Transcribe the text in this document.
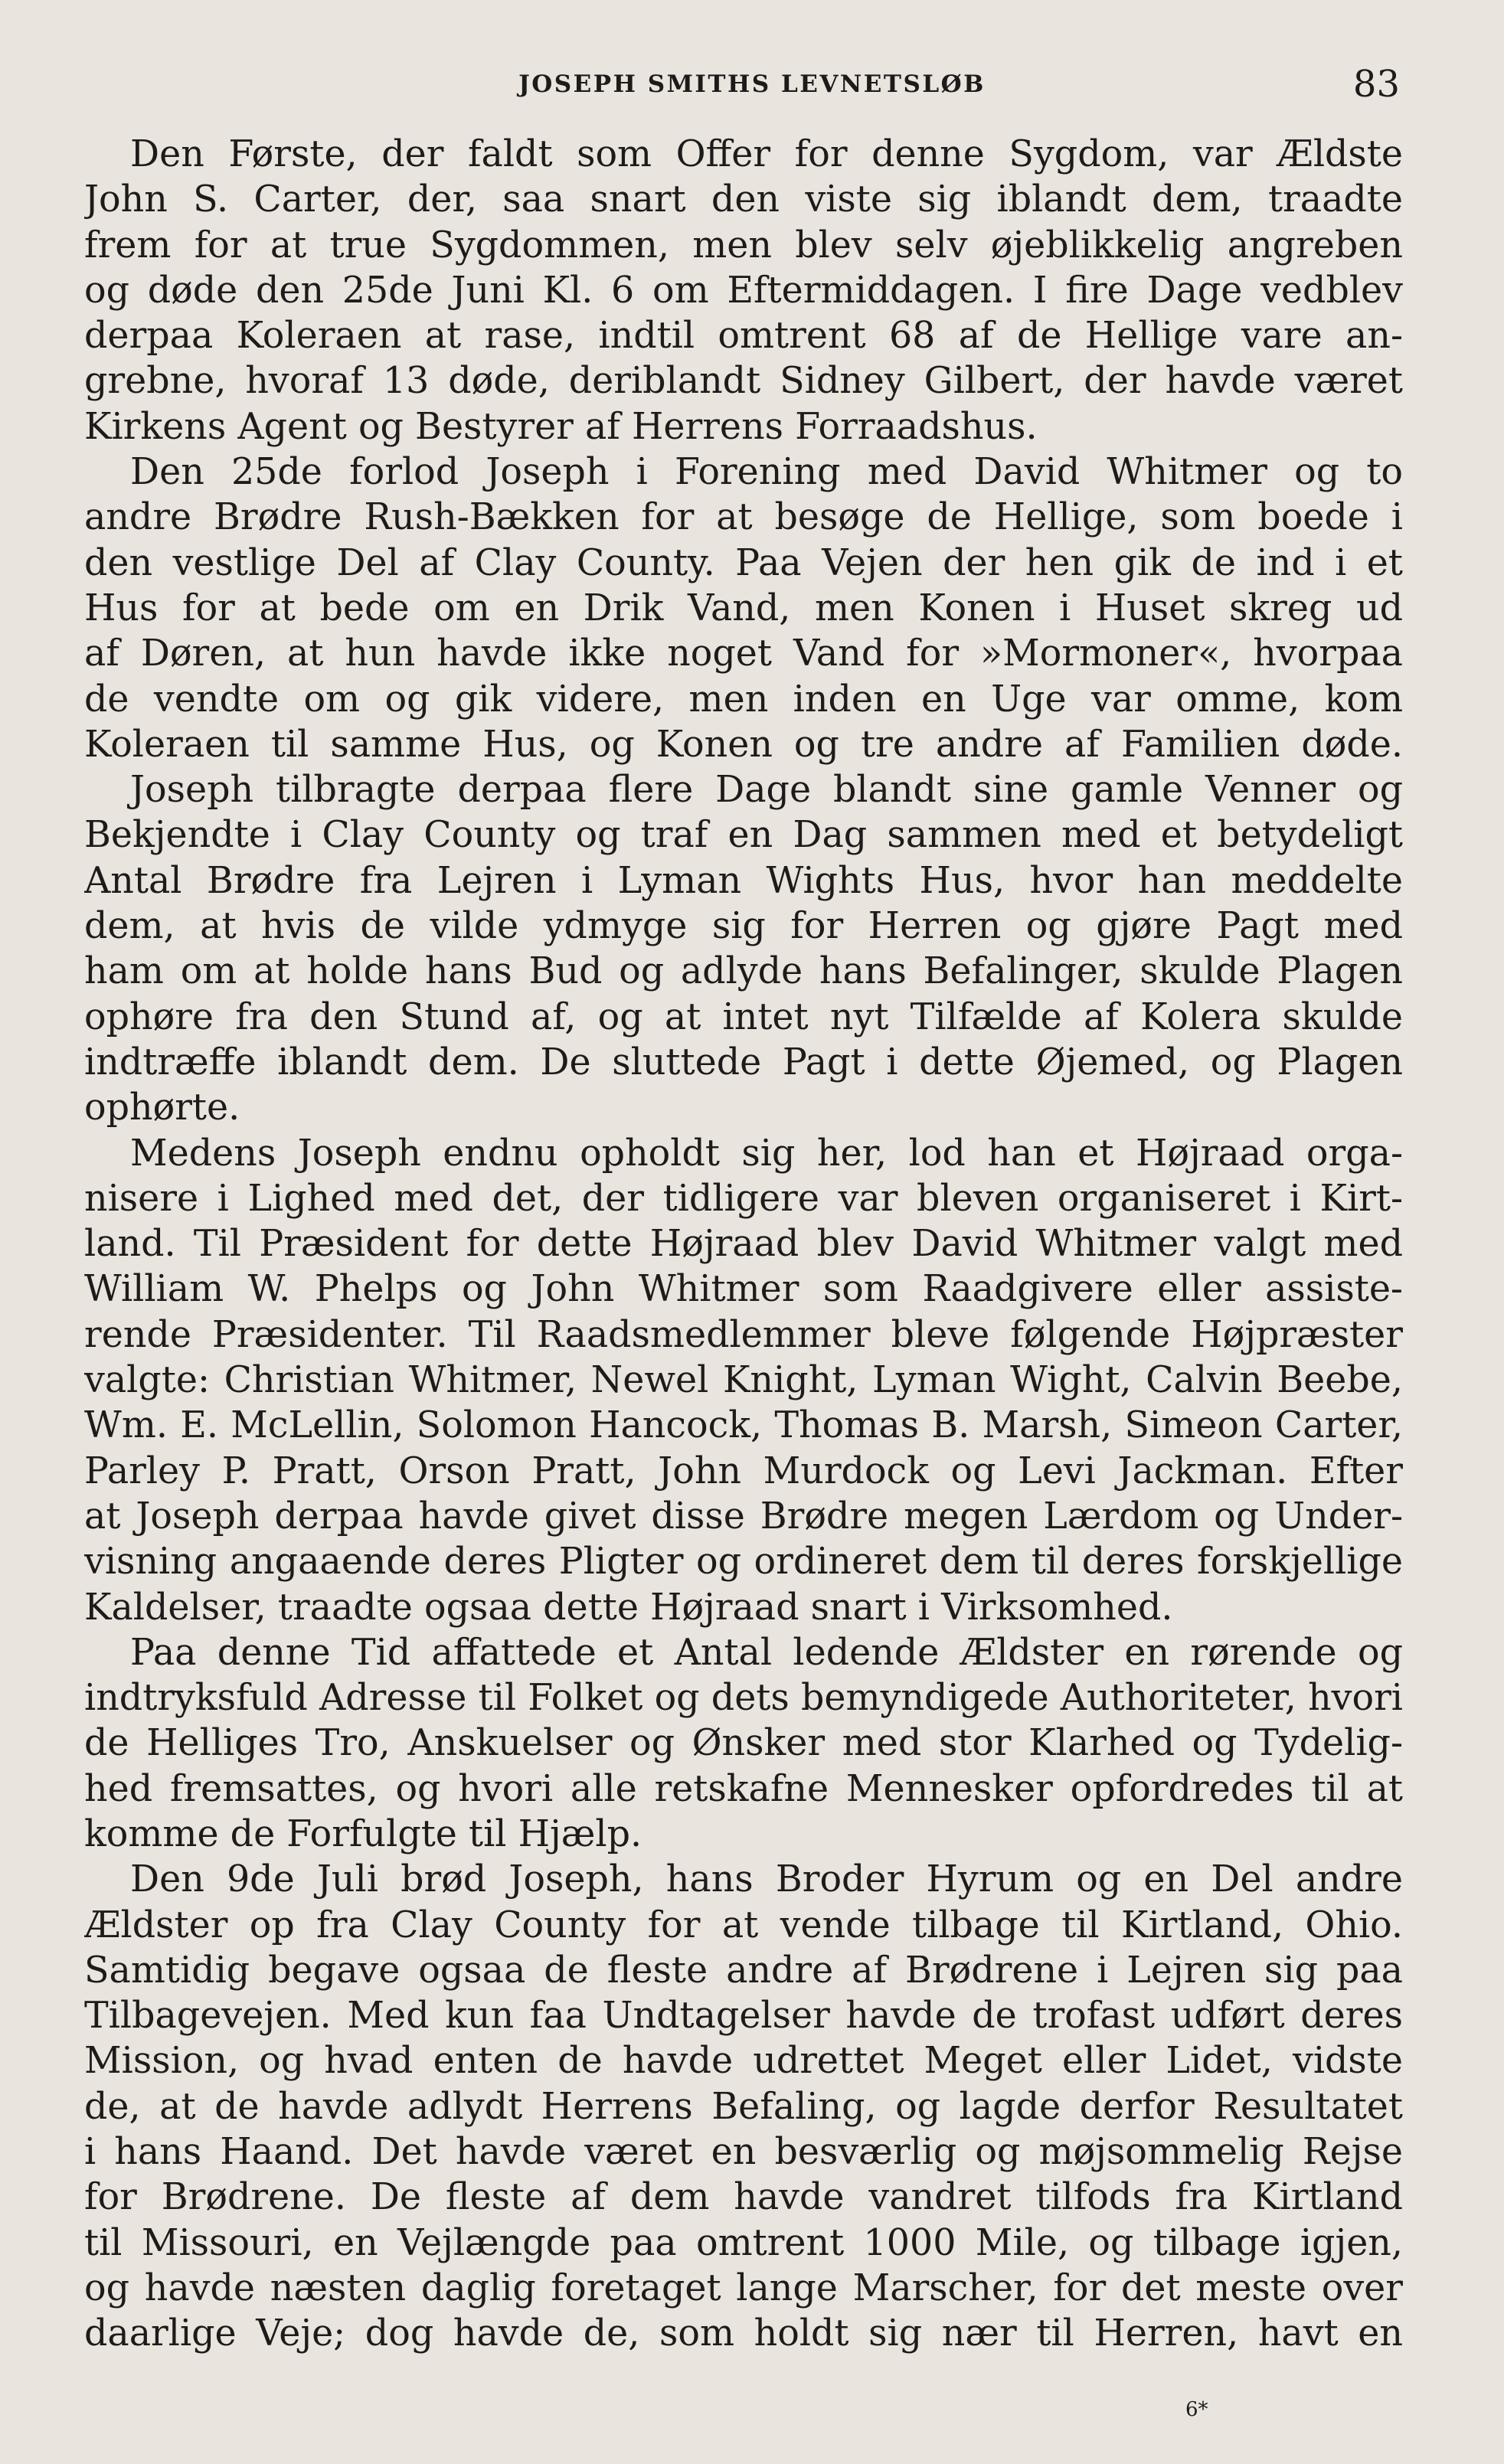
JOSEPH SMITHS LEVNETSLØB	83
Den Første, der faldt som Offer for denne Sygdom, var Ældste
John S. Carter, der, saa snart den viste sig iblandt dem, traadte
frem for at true Sygdommen, men blev selv øjeblikkelig angreben
og døde den 25de Juni Kl. 6 om Eftermiddagen. I fire Dage vedblev
derpaa Koleraen at rase, indtil omtrent 68 af de Hellige vare an-
grebne, hvoraf 13 døde, deriblandt Sidney Gilbert, der havde været
Kirkens Agent og Bestyrer af Herrens Forraadshus.
Den 25de forlod Joseph i Forening med David Whitmer og to
andre Brødre Rush-Bækken for at besøge de Hellige, som boede i
den vestlige Del af Clay County. Paa Vejen der hen gik de ind i et
Hus for at bede om en Drik Vand, men Konen i Huset skreg ud
af Døren, at hun havde ikke noget Vand for »Mormoner«, hvorpaa
de vendte om og gik videre, men inden en Uge var omme, kom
Koleraen til samme Hus, og Konen og tre andre af Familien døde.
Joseph tilbragte derpaa flere Dage blandt sine gamle Venner og
Bekjendte i Clay County og traf en Dag sammen med et betydeligt
Antal Brødre fra Lejren i Lyman Wights Hus, hvor han meddelte
dem, at hvis de vilde ydmyge sig for Herren og gjøre Pagt med
ham om at holde hans Bud og adlyde hans Befalinger, skulde Plagen
ophøre fra den Stund af, og at intet nyt Tilfælde af Kolera skulde
indtræffe iblandt dem. De sluttede Pagt i dette Øjemed, og Plagen
ophørte.
Medens Joseph endnu opholdt sig her, lod han et Højraad orga-
nisere i Lighed med det, der tidligere var bleven organiseret i Kirt-
land. Til Præsident for dette Højraad blev David Whitmer valgt med
William W. Phelps og John Whitmer som Raadgivere eller assiste-
rende Præsidenter. Til Raadsmedlemmer bleve følgende Højpræster
valgte: Christian Whitmer, Newel Knight, Lyman Wight, Calvin Beebe,
Wm. E. McLellin, Solomon Hancock, Thomas B. Marsh, Simeon Carter,
Parley P. Pratt, Orson Pratt, John Murdock og Levi Jackman. Efter
at Joseph derpaa havde givet disse Brødre megen Lærdom og Under-
visning angaaende deres Pligter og ordineret dem til deres forskjellige
Kaldelser, traadte ogsaa dette Højraad snart i Virksomhed.
Paa denne Tid affattede et Antal ledende Ældster en rørende og
indtryksfuld Adresse til Folket og dets bemyndigede Authoriteter, hvori
de Helliges Tro, Anskuelser og Ønsker med stor Klarhed og Tydelig-
hed fremsattes, og hvori alle retskafne Mennesker opfordredes til at
komme de Forfulgte til Hjælp.
Den 9de Juli brød Joseph, hans Broder Hyrum og en Del andre
Ældster op fra Clay County for at vende tilbage til Kirtland, Ohio.
Samtidig begave ogsaa de fleste andre af Brødrene i Lejren sig paa
Tilbagevejen. Med kun faa Undtagelser havde de trofast udført deres
Mission, og hvad enten de havde udrettet Meget eller Lidet, vidste
de, at de havde adlydt Herrens Befaling, og lagde derfor Resultatet
i hans Haand. Det havde været en besværlig og møjsommelig Rejse
for Brødrene. De fleste af dem havde vandret tilfods fra Kirtland
til Missouri, en Vejlængde paa omtrent 1000 Mile, og tilbage igjen,
og havde næsten daglig foretaget lange Marscher, for det meste over
daarlige Veje; dog havde de, som holdt sig nær til Herren, havt en
6*
